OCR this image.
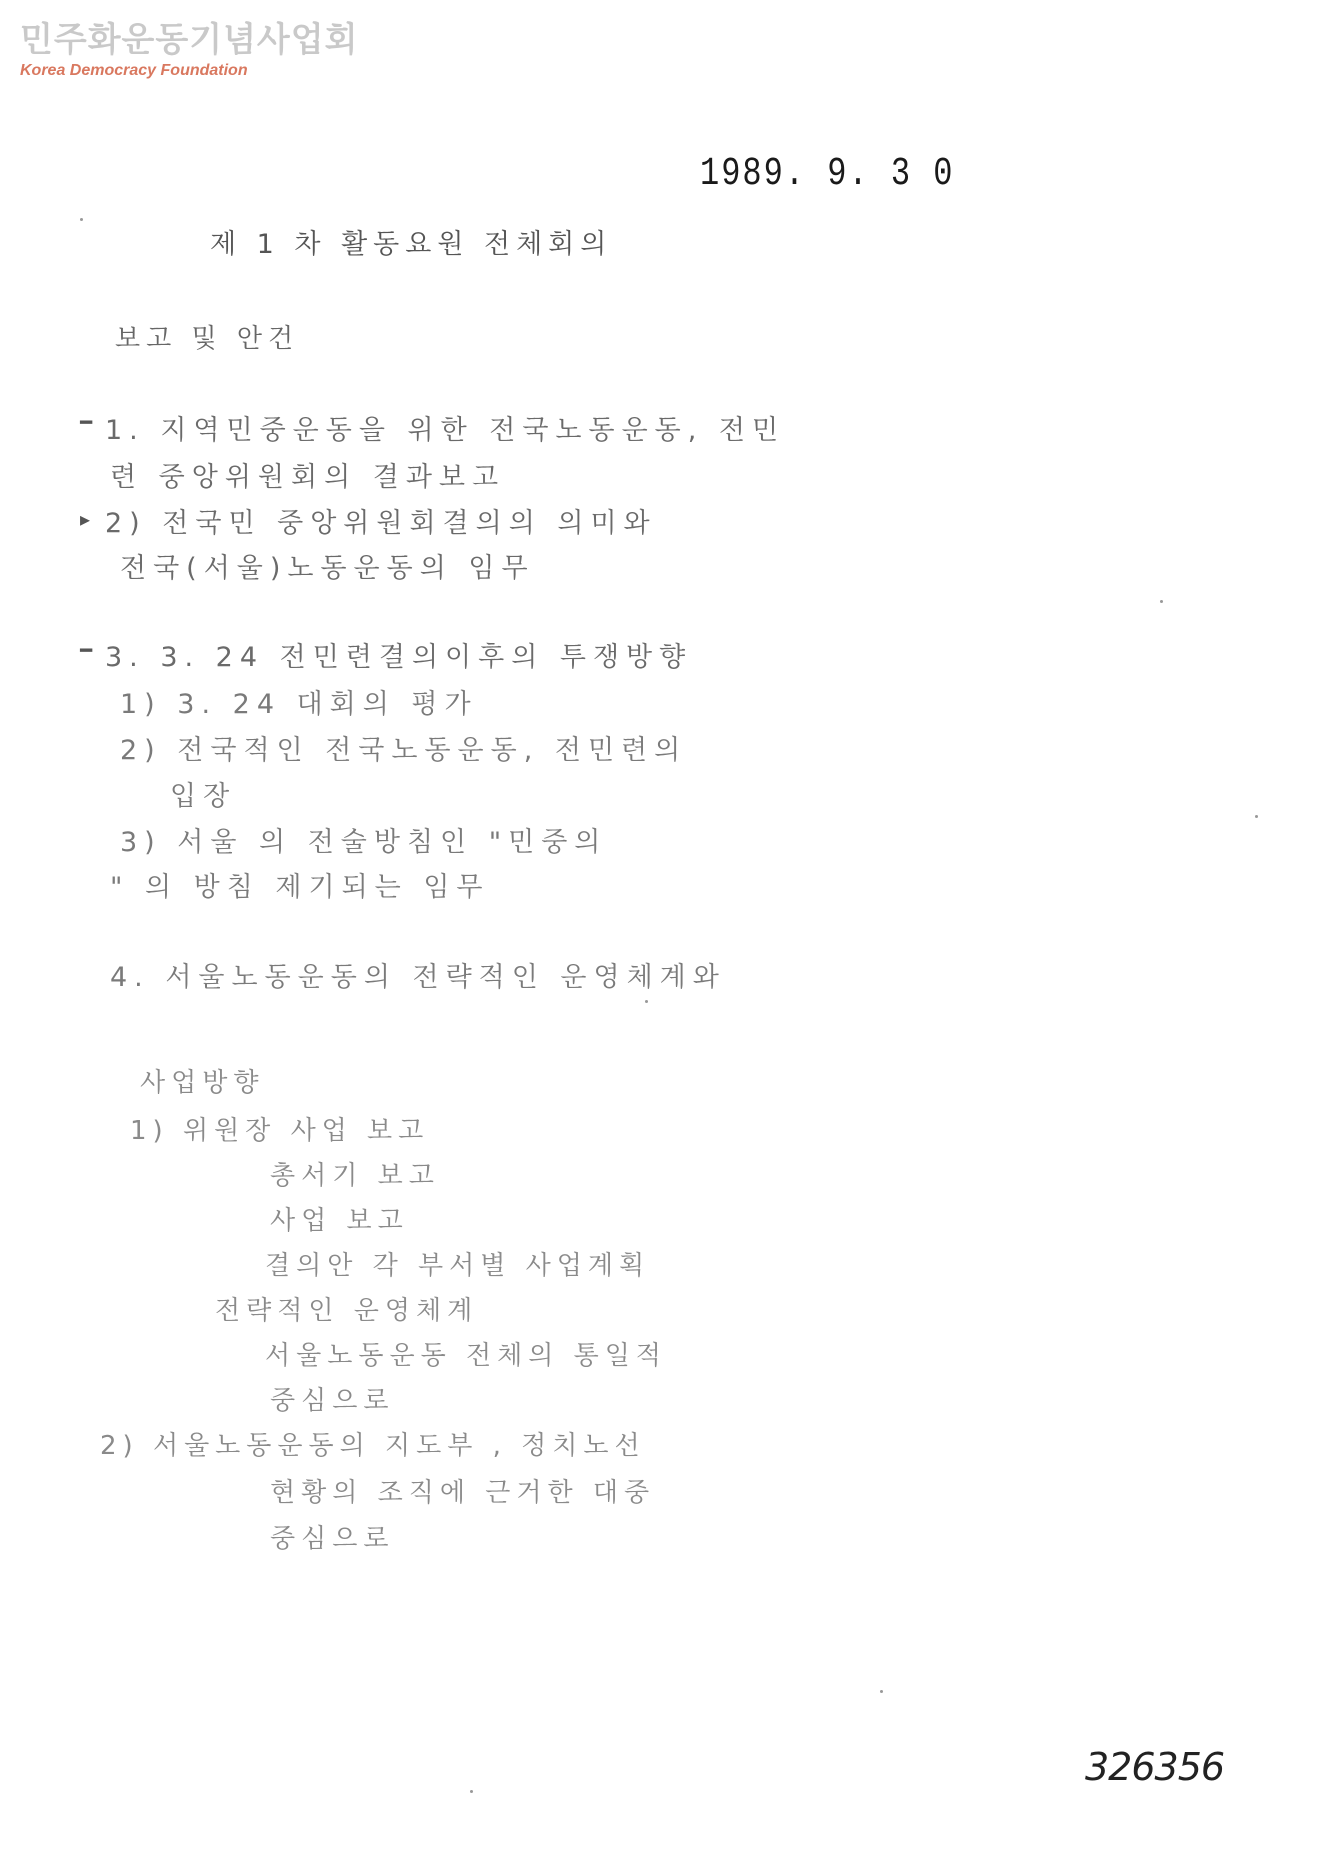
민주화운동기념사업회
Korea Democracy Foundation
1989. 9. 3 0
제 1 차 활동요원 전체회의
보고 및 안건
━
▸
━
1. 지역민중운동을 위한 전국노동운동, 전민
련 중앙위원회의 결과보고
2) 전국민 중앙위원회결의의 의미와
전국(서울)노동운동의 임무
3. 3. 24 전민련결의이후의 투쟁방향
1) 3. 24 대회의 평가
2) 전국적인 전국노동운동, 전민련의
입장
3) 서울 의 전술방침인 "민중의
" 의 방침 제기되는 임무
4. 서울노동운동의 전략적인 운영체계와
사업방향
1) 위원장 사업 보고
총서기 보고
사업 보고
결의안 각 부서별 사업계획
전략적인 운영체계
서울노동운동 전체의 통일적
중심으로
2) 서울노동운동의 지도부 , 정치노선
현황의 조직에 근거한 대중
중심으로
326356
